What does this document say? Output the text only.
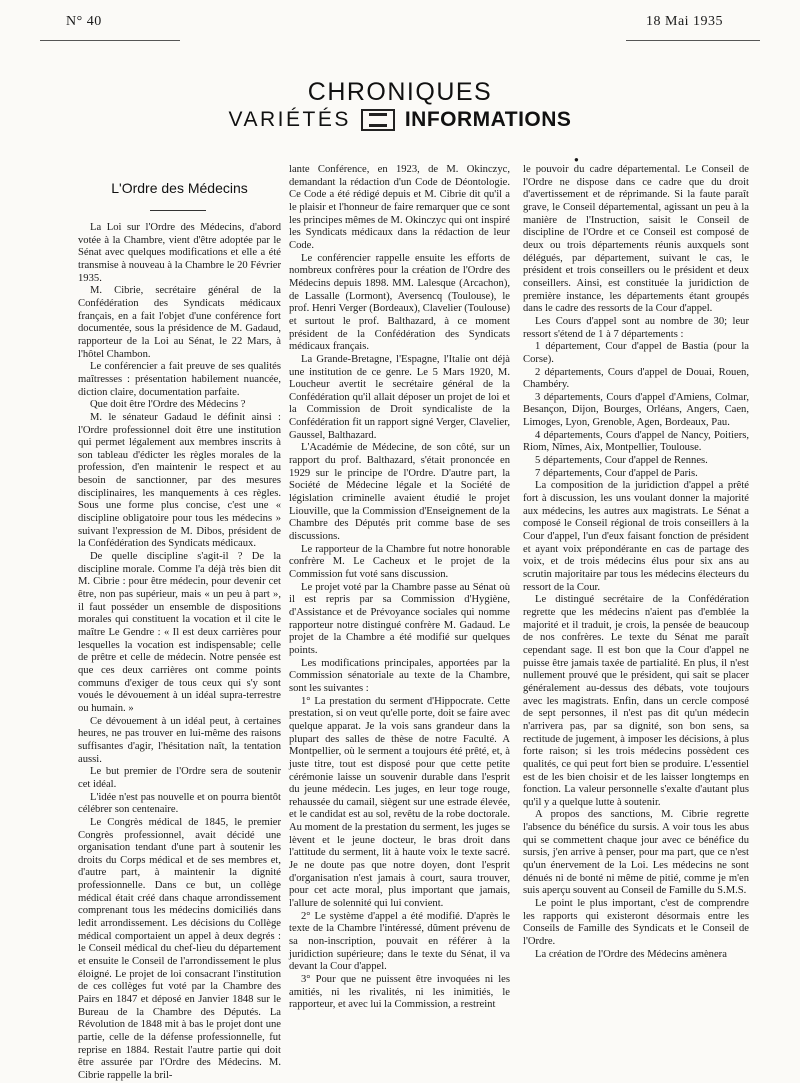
N° 40	18 Mai 1935
CHRONIQUES
VARIÉTÉS	INFORMATIONS
●
L'Ordre des Médecins

La Loi sur l'Ordre des Médecins, d'abord votée à la Chambre, vient d'être adoptée par le Sénat avec quelques modifications et elle a été transmise à nouveau à la Chambre le 20 Février 1935.

M. Cibrie, secrétaire général de la Confédération des Syndicats médicaux français, en a fait l'objet d'une conférence fort documentée, sous la présidence de M. Gadaud, rapporteur de la Loi au Sénat, le 22 Mars, à l'hôtel Chambon.

Le conférencier a fait preuve de ses qualités maîtresses : présentation habilement nuancée, diction claire, documentation parfaite.

Que doit être l'Ordre des Médecins ?

M. le sénateur Gadaud le définit ainsi : l'Ordre professionnel doit être une institution qui permet légalement aux membres inscrits à son tableau d'édicter les règles morales de la profession, d'en maintenir le respect et au besoin de sanctionner, par des mesures disciplinaires, les manquements à ces règles. Sous une forme plus concise, c'est une « discipline obligatoire pour tous les médecins » suivant l'expression de M. Dibos, président de la Confédération des Syndicats médicaux.

De quelle discipline s'agit-il ? De la discipline morale. Comme l'a déjà très bien dit M. Cibrie : pour être médecin, pour devenir cet être, non pas supérieur, mais « un peu à part », il faut posséder un ensemble de dispositions morales qui constituent la vocation et il cite le maître Le Gendre : « Il est deux carrières pour lesquelles la vocation est indispensable; celle de prêtre et celle de médecin. Notre pensée est que ces deux carrières ont comme points communs d'exiger de tous ceux qui s'y sont voués le dévouement à un idéal supra-terrestre ou humain. »

Ce dévouement à un idéal peut, à certaines heures, ne pas trouver en lui-même des raisons suffisantes d'agir, l'hésitation naît, la tentation aussi.

Le but premier de l'Ordre sera de soutenir cet idéal.

L'idée n'est pas nouvelle et on pourra bientôt célébrer son centenaire.

Le Congrès médical de 1845, le premier Congrès professionnel, avait décidé une organisation tendant d'une part à soutenir les droits du Corps médical et de ses membres et, d'autre part, à maintenir la dignité professionnelle. Dans ce but, un collège médical était créé dans chaque arrondissement comprenant tous les médecins domiciliés dans ledit arrondissement. Les décisions du Collège médical comportaient un appel à deux degrés : le Conseil médical du chef-lieu du département et ensuite le Conseil de l'arrondissement le plus éloigné. Le projet de loi consacrant l'institution de ces collèges fut voté par la Chambre des Pairs en 1847 et déposé en Janvier 1848 sur le Bureau de la Chambre des Députés. La Révolution de 1848 mit à bas le projet dont une partie, celle de la défense professionnelle, fut reprise en 1884. Restait l'autre partie qui doit être assurée par l'Ordre des Médecins. M. Cibrie rappelle la bril-

lante Conférence, en 1923, de M. Okinczyc, demandant la rédaction d'un Code de Déontologie. Ce Code a été rédigé depuis et M. Cibrie dit qu'il a le plaisir et l'honneur de faire remarquer que ce sont les principes mêmes de M. Okinczyc qui ont inspiré les Syndicats médicaux dans la rédaction de leur Code.

Le conférencier rappelle ensuite les efforts de nombreux confrères pour la création de l'Ordre des Médecins depuis 1898. MM. Lalesque (Arcachon), de Lassalle (Lormont), Aversencq (Toulouse), le prof. Henri Verger (Bordeaux), Clavelier (Toulouse) et surtout le prof. Balthazard, à ce moment président de la Confédération des Syndicats médicaux français.

La Grande-Bretagne, l'Espagne, l'Italie ont déjà une institution de ce genre. Le 5 Mars 1920, M. Loucheur avertit le secrétaire général de la Confédération qu'il allait déposer un projet de loi et la Commission de Droit syndicaliste de la Confédération fit un rapport signé Verger, Clavelier, Gaussel, Balthazard.

L'Académie de Médecine, de son côté, sur un rapport du prof. Balthazard, s'était prononcée en 1929 sur le principe de l'Ordre. D'autre part, la Société de Médecine légale et la Société de législation criminelle avaient étudié le projet Liouville, que la Commission d'Enseignement de la Chambre des Députés prit comme base de ses discussions.

Le rapporteur de la Chambre fut notre honorable confrère M. Le Cacheux et le projet de la Commission fut voté sans discussion.

Le projet voté par la Chambre passe au Sénat où il est repris par sa Commission d'Hygiène, d'Assistance et de Prévoyance sociales qui nomme rapporteur notre distingué confrère M. Gadaud. Le projet de la Chambre a été modifié sur quelques points.

Les modifications principales, apportées par la Commission sénatoriale au texte de la Chambre, sont les suivantes :

1° La prestation du serment d'Hippocrate. Cette prestation, si on veut qu'elle porte, doit se faire avec quelque apparat. Je la vois sans grandeur dans la plupart des salles de thèse de notre Faculté. A Montpellier, où le serment a toujours été prêté, et, à juste titre, tout est disposé pour que cette petite cérémonie laisse un souvenir durable dans l'esprit du jeune médecin. Les juges, en leur toge rouge, rehaussée du camail, siègent sur une estrade élevée, et le candidat est au sol, revêtu de la robe doctorale. Au moment de la prestation du serment, les juges se lèvent et le jeune docteur, le bras droit dans l'attitude du serment, lit à haute voix le texte sacré. Je ne doute pas que notre doyen, dont l'esprit d'organisation n'est jamais à court, saura trouver, pour cet acte moral, plus important que jamais, l'allure de solennité qui lui convient.

2° Le système d'appel a été modifié. D'après le texte de la Chambre l'intéressé, dûment prévenu de sa non-inscription, pouvait en référer à la juridiction supérieure; dans le texte du Sénat, il va devant la Cour d'appel.

3° Pour que ne puissent être invoquées ni les amitiés, ni les rivalités, ni les inimitiés, le rapporteur, et avec lui la Commission, a restreint

le pouvoir du cadre départemental. Le Conseil de l'Ordre ne dispose dans ce cadre que du droit d'avertissement et de réprimande. Si la faute paraît grave, le Conseil départemental, agissant un peu à la manière de l'Instruction, saisit le Conseil de discipline de l'Ordre et ce Conseil est composé de deux ou trois départements réunis auxquels sont délégués, par département, suivant le cas, le président et trois conseillers ou le président et deux conseillers. Ainsi, est constituée la juridiction de première instance, les départements étant groupés dans le cadre des ressorts de la Cour d'appel.

Les Cours d'appel sont au nombre de 30; leur ressort s'étend de 1 à 7 départements :

1 département, Cour d'appel de Bastia (pour la Corse).

2 départements, Cours d'appel de Douai, Rouen, Chambéry.

3 départements, Cours d'appel d'Amiens, Colmar, Besançon, Dijon, Bourges, Orléans, Angers, Caen, Limoges, Lyon, Grenoble, Agen, Bordeaux, Pau.

4 départements, Cours d'appel de Nancy, Poitiers, Riom, Nîmes, Aix, Montpellier, Toulouse.

5 départements, Cour d'appel de Rennes.

7 départements, Cour d'appel de Paris.

La composition de la juridiction d'appel a prêté fort à discussion, les uns voulant donner la majorité aux médecins, les autres aux magistrats. Le Sénat a composé le Conseil régional de trois conseillers à la Cour d'appel, l'un d'eux faisant fonction de président et ayant voix prépondérante en cas de partage des voix, et de trois médecins élus pour six ans au scrutin majoritaire par tous les médecins électeurs du ressort de la Cour.

Le distingué secrétaire de la Confédération regrette que les médecins n'aient pas d'emblée la majorité et il traduit, je crois, la pensée de beaucoup de nos confrères. Le texte du Sénat me paraît cependant sage. Il est bon que la Cour d'appel ne puisse être jamais taxée de partialité. En plus, il n'est nullement prouvé que le président, qui sait se placer généralement au-dessus des débats, vote toujours avec les magistrats. Enfin, dans un cercle composé de sept personnes, il n'est pas dit qu'un médecin n'arrivera pas, par sa dignité, son bon sens, sa rectitude de jugement, à imposer les décisions, à plus forte raison; si les trois médecins possèdent ces qualités, ce qui peut fort bien se produire. L'essentiel est de les bien choisir et de les laisser longtemps en fonction. La valeur personnelle s'exalte d'autant plus qu'il y a quelque lutte à soutenir.

A propos des sanctions, M. Cibrie regrette l'absence du bénéfice du sursis. A voir tous les abus qui se commettent chaque jour avec ce bénéfice du sursis, j'en arrive à penser, pour ma part, que ce n'est qu'un énervement de la Loi. Les médecins ne sont dénués ni de bonté ni même de pitié, comme je m'en suis aperçu souvent au Conseil de Famille du S.M.S.

Le point le plus important, c'est de comprendre les rapports qui existeront désormais entre les Conseils de Famille des Syndicats et le Conseil de l'Ordre.

La création de l'Ordre des Médecins amènera
